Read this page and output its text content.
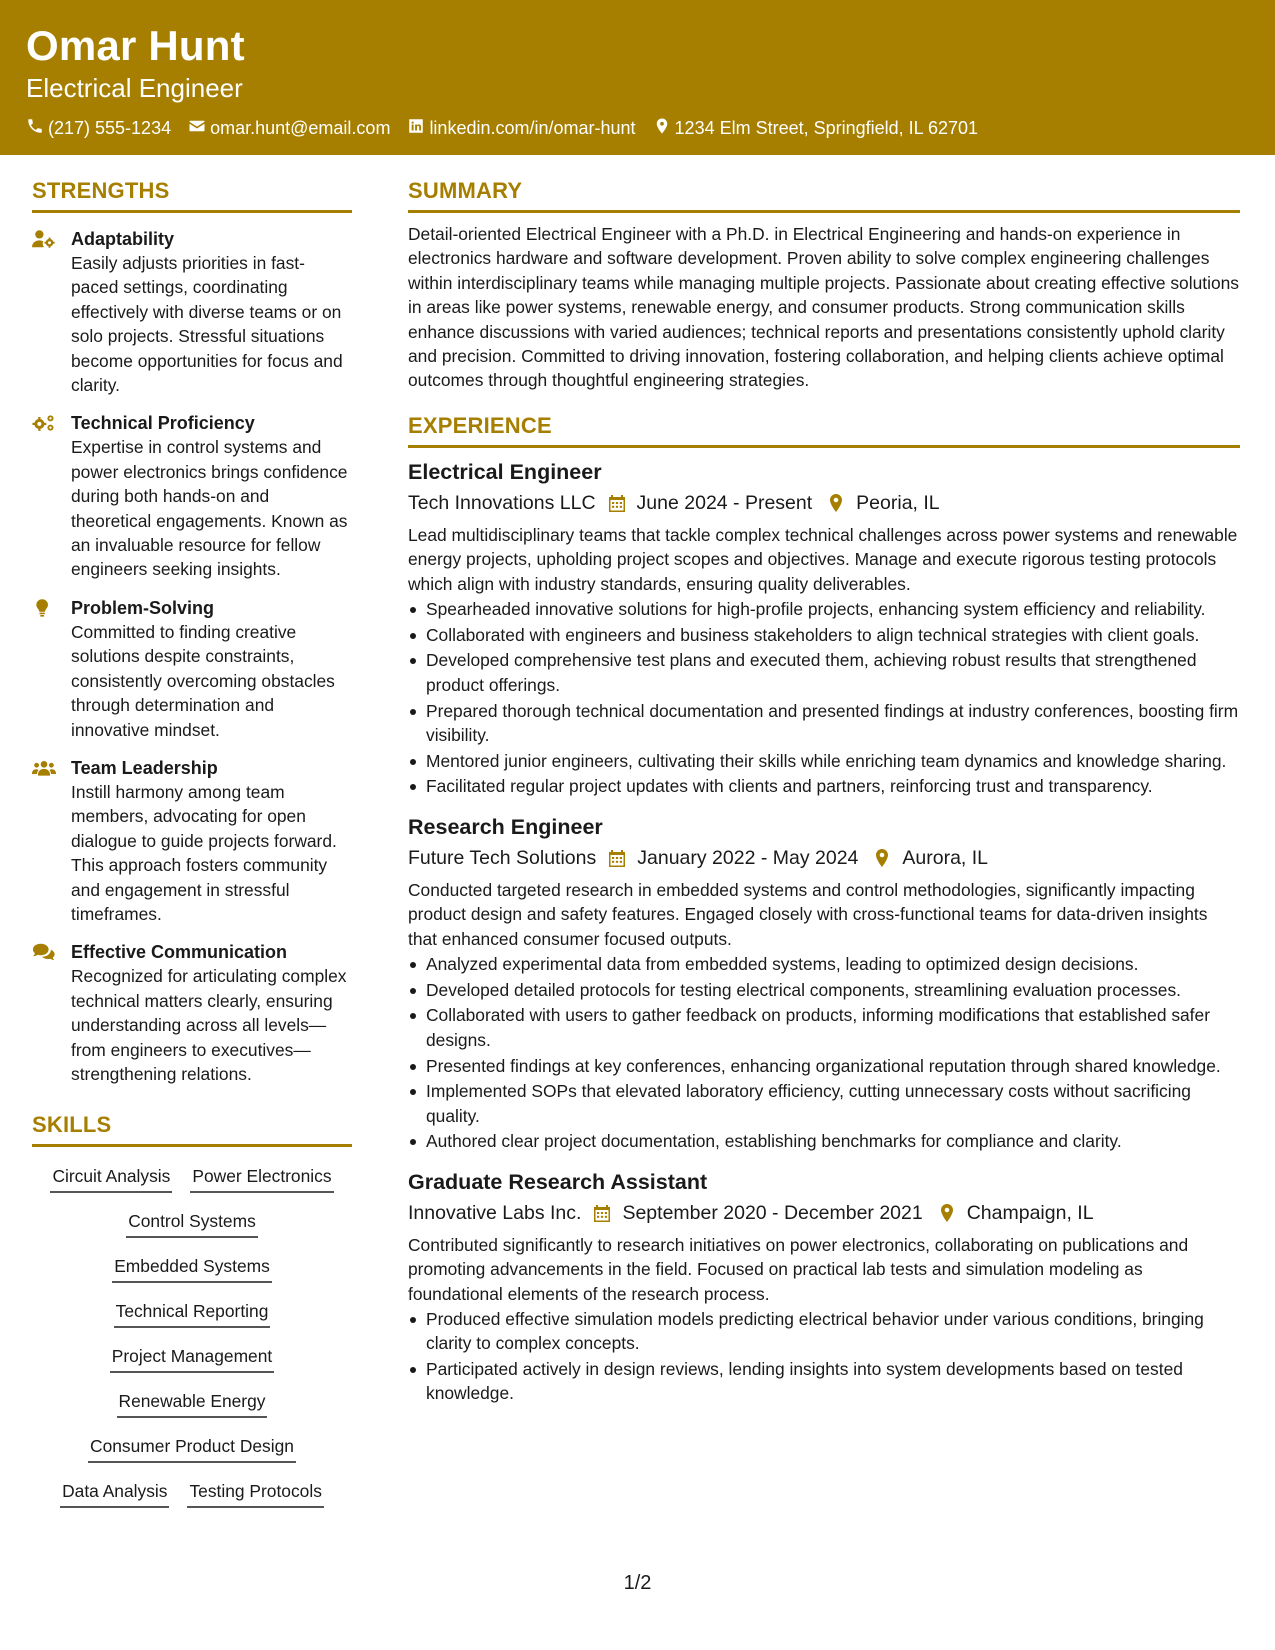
Omar Hunt
Electrical Engineer
(217) 555-1234 omar.hunt@email.com linkedin.com/in/omar-hunt 1234 Elm Street, Springfield, IL 62701
STRENGTHS
Adaptability
Easily adjusts priorities in fast-paced settings, coordinating effectively with diverse teams or on solo projects. Stressful situations become opportunities for focus and clarity.
Technical Proficiency
Expertise in control systems and power electronics brings confidence during both hands-on and theoretical engagements. Known as an invaluable resource for fellow engineers seeking insights.
Problem-Solving
Committed to finding creative solutions despite constraints, consistently overcoming obstacles through determination and innovative mindset.
Team Leadership
Instill harmony among team members, advocating for open dialogue to guide projects forward. This approach fosters community and engagement in stressful timeframes.
Effective Communication
Recognized for articulating complex technical matters clearly, ensuring understanding across all levels—from engineers to executives—strengthening relations.
SKILLS
Circuit Analysis Power Electronics
Control Systems
Embedded Systems
Technical Reporting
Project Management
Renewable Energy
Consumer Product Design
Data Analysis Testing Protocols
SUMMARY
Detail-oriented Electrical Engineer with a Ph.D. in Electrical Engineering and hands-on experience in electronics hardware and software development. Proven ability to solve complex engineering challenges within interdisciplinary teams while managing multiple projects. Passionate about creating effective solutions in areas like power systems, renewable energy, and consumer products. Strong communication skills enhance discussions with varied audiences; technical reports and presentations consistently uphold clarity and precision. Committed to driving innovation, fostering collaboration, and helping clients achieve optimal outcomes through thoughtful engineering strategies.
EXPERIENCE
Electrical Engineer
Tech Innovations LLC June 2024 - Present Peoria, IL
Lead multidisciplinary teams that tackle complex technical challenges across power systems and renewable energy projects, upholding project scopes and objectives. Manage and execute rigorous testing protocols which align with industry standards, ensuring quality deliverables.
Spearheaded innovative solutions for high-profile projects, enhancing system efficiency and reliability.
Collaborated with engineers and business stakeholders to align technical strategies with client goals.
Developed comprehensive test plans and executed them, achieving robust results that strengthened product offerings.
Prepared thorough technical documentation and presented findings at industry conferences, boosting firm visibility.
Mentored junior engineers, cultivating their skills while enriching team dynamics and knowledge sharing.
Facilitated regular project updates with clients and partners, reinforcing trust and transparency.
Research Engineer
Future Tech Solutions January 2022 - May 2024 Aurora, IL
Conducted targeted research in embedded systems and control methodologies, significantly impacting product design and safety features. Engaged closely with cross-functional teams for data-driven insights that enhanced consumer focused outputs.
Analyzed experimental data from embedded systems, leading to optimized design decisions.
Developed detailed protocols for testing electrical components, streamlining evaluation processes.
Collaborated with users to gather feedback on products, informing modifications that established safer designs.
Presented findings at key conferences, enhancing organizational reputation through shared knowledge.
Implemented SOPs that elevated laboratory efficiency, cutting unnecessary costs without sacrificing quality.
Authored clear project documentation, establishing benchmarks for compliance and clarity.
Graduate Research Assistant
Innovative Labs Inc. September 2020 - December 2021 Champaign, IL
Contributed significantly to research initiatives on power electronics, collaborating on publications and promoting advancements in the field. Focused on practical lab tests and simulation modeling as foundational elements of the research process.
Produced effective simulation models predicting electrical behavior under various conditions, bringing clarity to complex concepts.
Participated actively in design reviews, lending insights into system developments based on tested knowledge.
1/2
